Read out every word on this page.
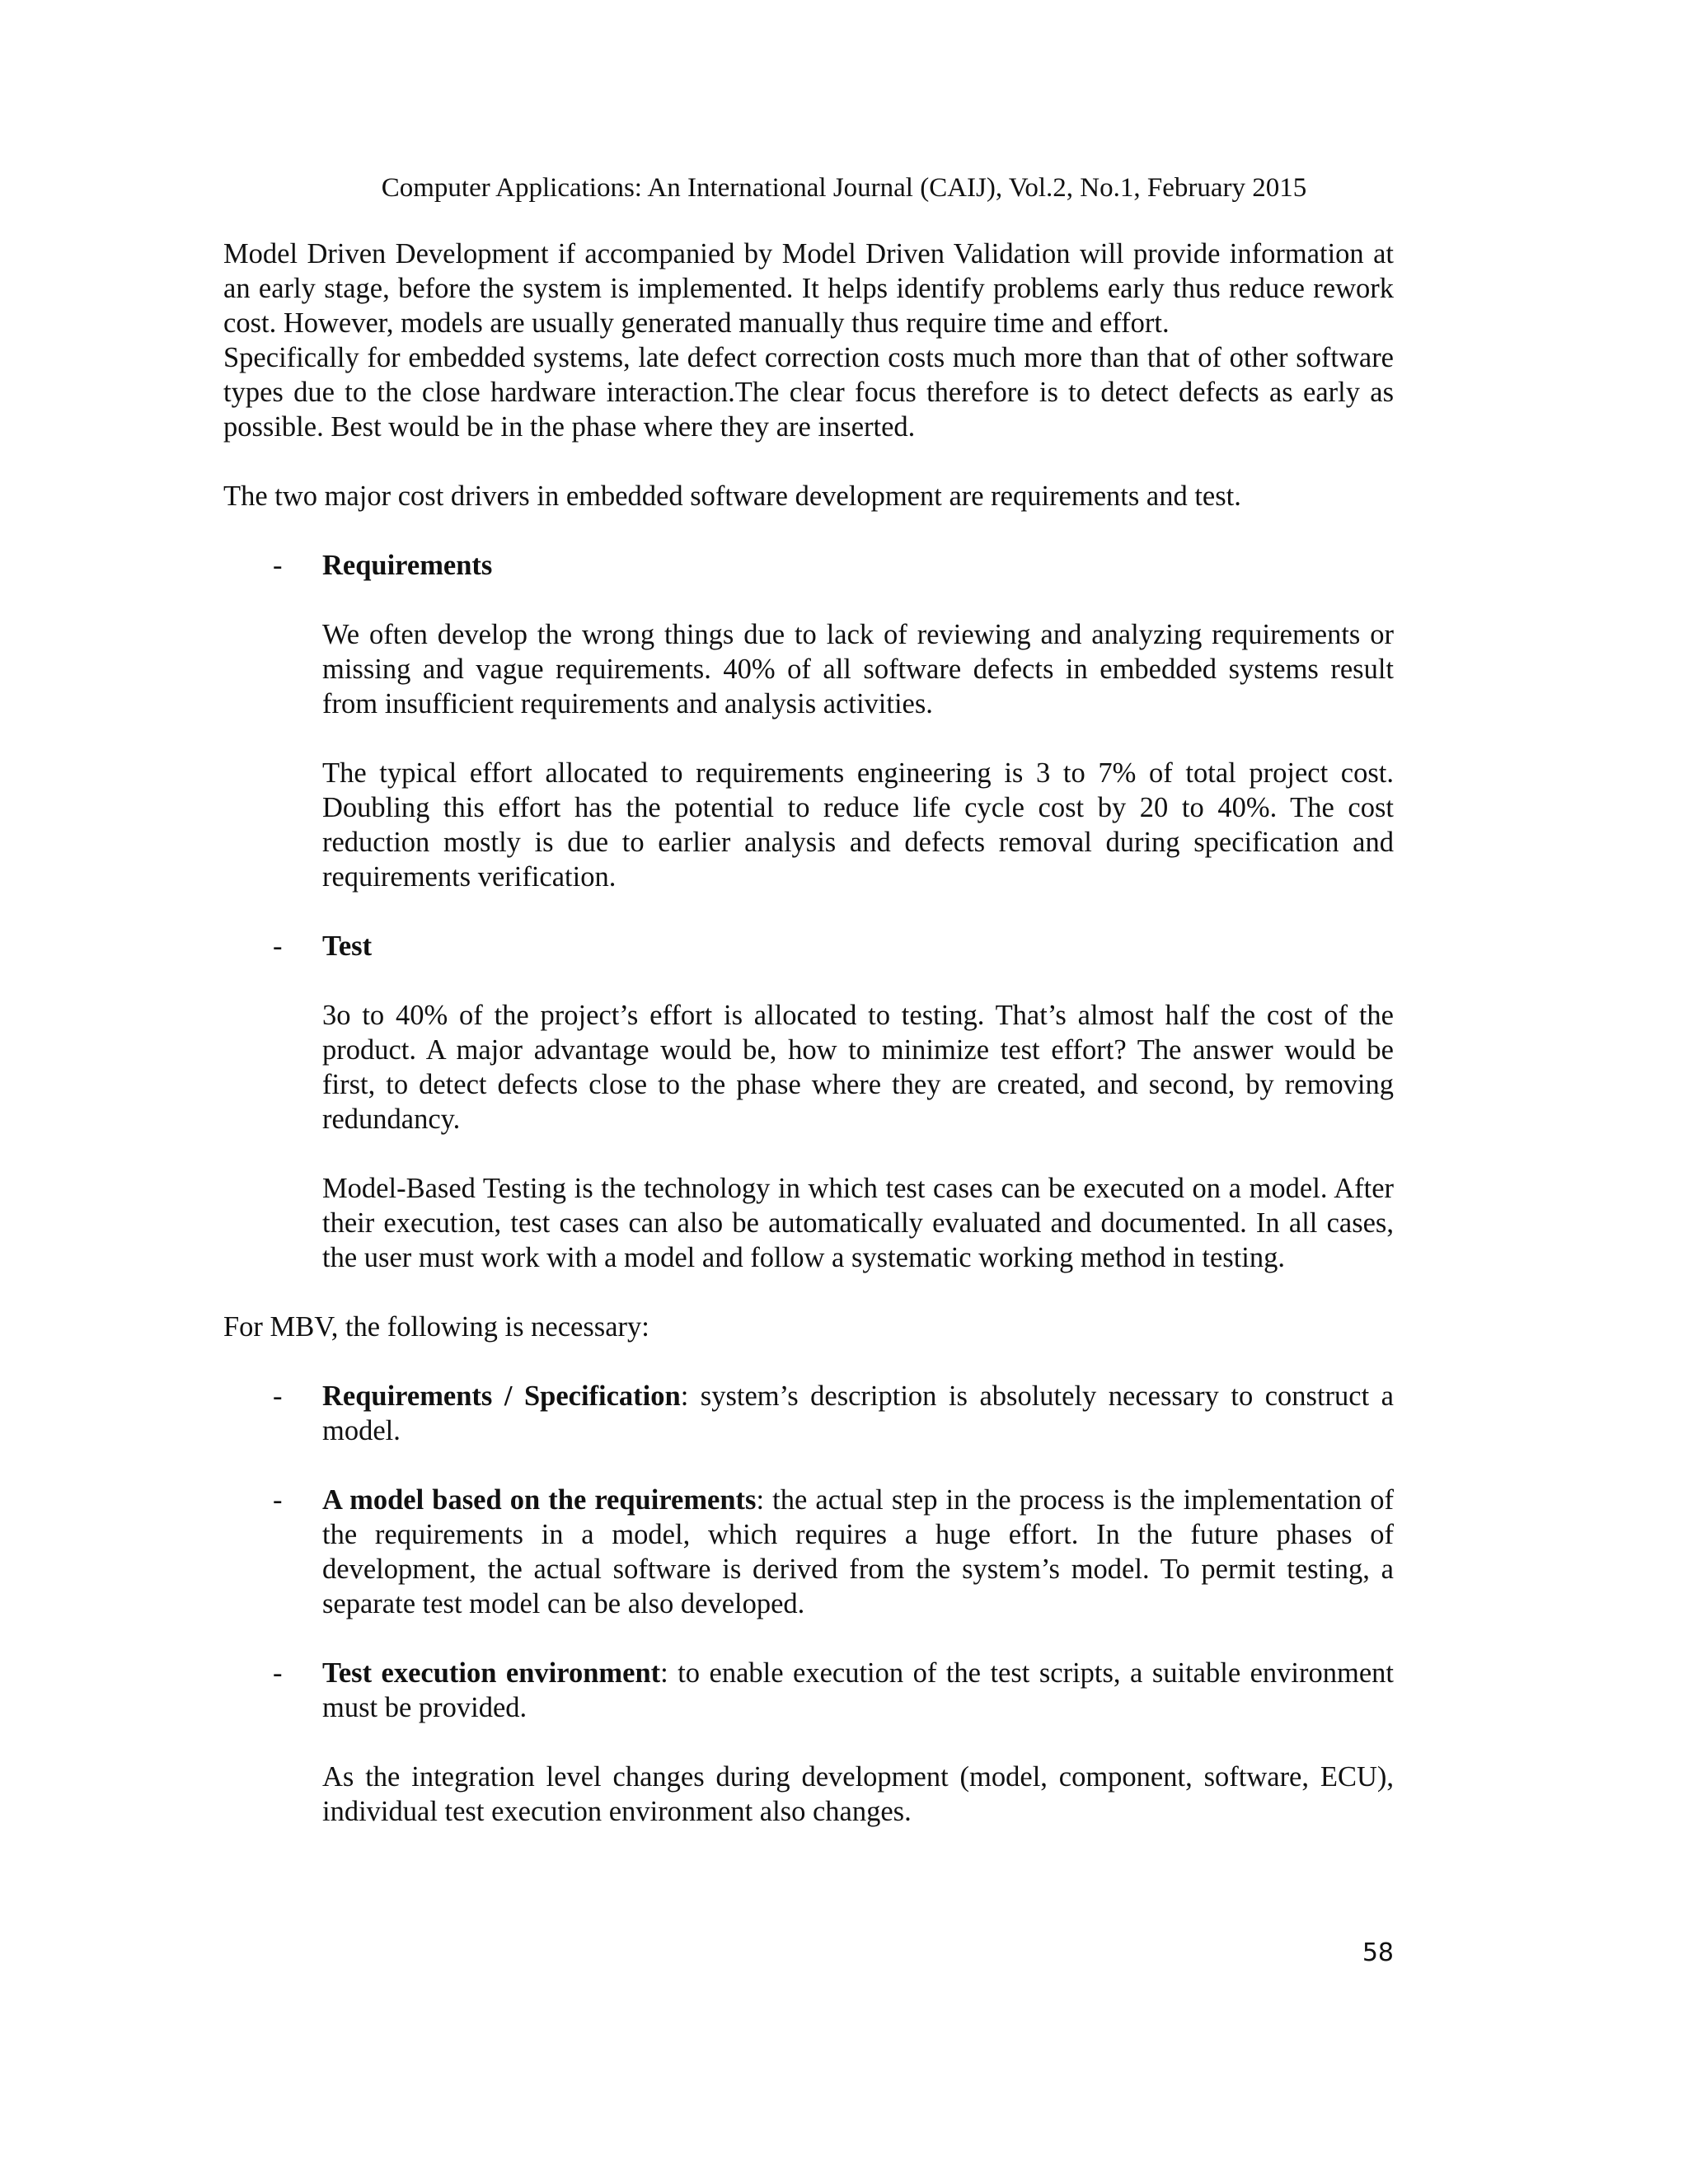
Computer Applications: An International Journal (CAIJ), Vol.2, No.1, February 2015

Model Driven Development if accompanied by Model Driven Validation will provide information at an early stage, before the system is implemented. It helps identify problems early thus reduce rework cost. However, models are usually generated manually thus require time and effort.

Specifically for embedded systems, late defect correction costs much more than that of other software types due to the close hardware interaction.The clear focus therefore is to detect defects as early as possible. Best would be in the phase where they are inserted.

The two major cost drivers in embedded software development are requirements and test.

- Requirements

We often develop the wrong things due to lack of reviewing and analyzing requirements or missing and vague requirements. 40% of all software defects in embedded systems result from insufficient requirements and analysis activities.

The typical effort allocated to requirements engineering is 3 to 7% of total project cost. Doubling this effort has the potential to reduce life cycle cost by 20 to 40%. The cost reduction mostly is due to earlier analysis and defects removal during specification and requirements verification.

- Test

3o to 40% of the project’s effort is allocated to testing. That’s almost half the cost of the product. A major advantage would be, how to minimize test effort? The answer would be first, to detect defects close to the phase where they are created, and second, by removing redundancy.

Model-Based Testing is the technology in which test cases can be executed on a model. After their execution, test cases can also be automatically evaluated and documented. In all cases, the user must work with a model and follow a systematic working method in testing.

For MBV, the following is necessary:

- Requirements / Specification: system’s description is absolutely necessary to construct a model.

- A model based on the requirements: the actual step in the process is the implementation of the requirements in a model, which requires a huge effort. In the future phases of development, the actual software is derived from the system’s model. To permit testing, a separate test model can be also developed.

- Test execution environment: to enable execution of the test scripts, a suitable environment must be provided.

As the integration level changes during development (model, component, software, ECU), individual test execution environment also changes.

58
